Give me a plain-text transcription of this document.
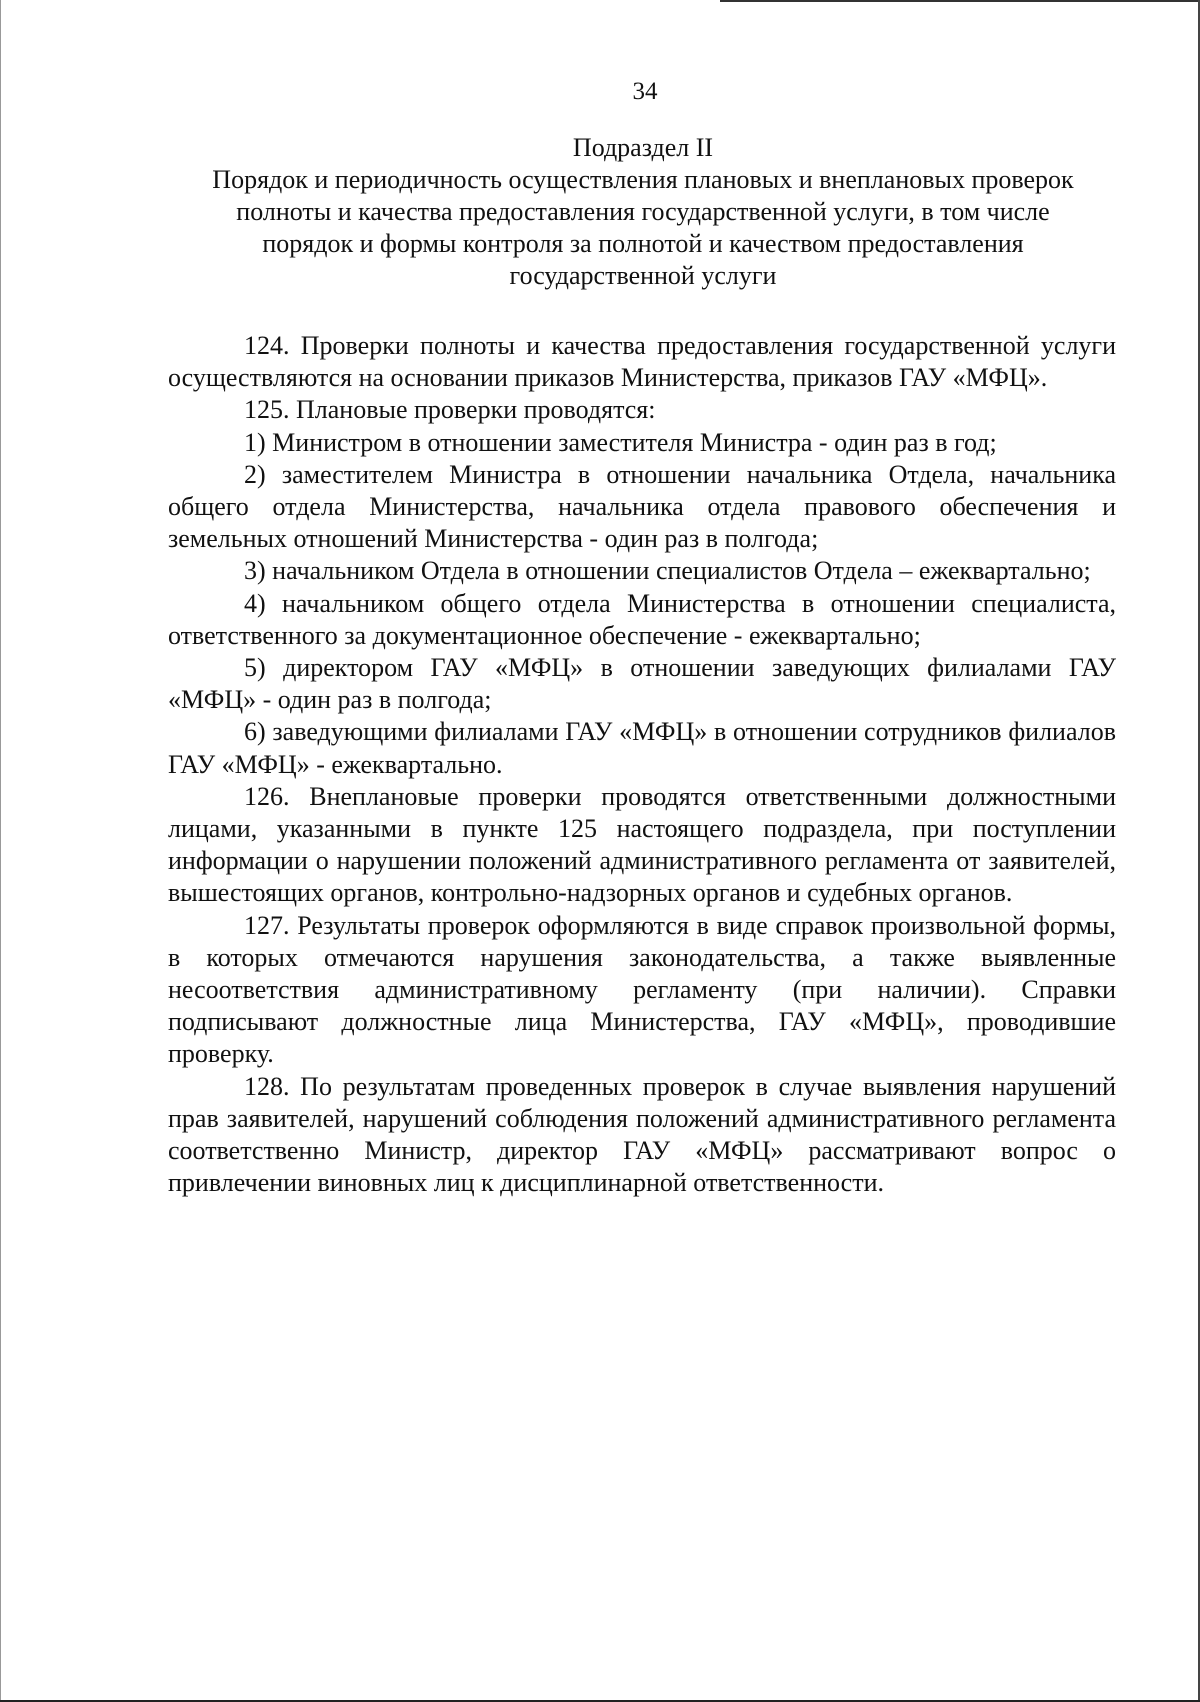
34
Подраздел II
Порядок и периодичность осуществления плановых и внеплановых проверок
полноты и качества предоставления государственной услуги, в том числе
порядок и формы контроля за полнотой и качеством предоставления
государственной услуги

124. Проверки полноты и качества предоставления государственной услуги осуществляются на основании приказов Министерства, приказов ГАУ «МФЦ».

125. Плановые проверки проводятся:

1) Министром в отношении заместителя Министра - один раз в год;

2) заместителем Министра в отношении начальника Отдела, начальника общего отдела Министерства, начальника отдела правового обеспечения и земельных отношений Министерства - один раз в полгода;

3) начальником Отдела в отношении специалистов Отдела – ежеквартально;

4) начальником общего отдела Министерства в отношении специалиста, ответственного за документационное обеспечение - ежеквартально;

5) директором ГАУ «МФЦ» в отношении заведующих филиалами ГАУ «МФЦ» - один раз в полгода;

6) заведующими филиалами ГАУ «МФЦ» в отношении сотрудников филиалов ГАУ «МФЦ» - ежеквартально.

126. Внеплановые проверки проводятся ответственными должностными лицами, указанными в пункте 125 настоящего подраздела, при поступлении информации о нарушении положений административного регламента от заявителей, вышестоящих органов, контрольно-надзорных органов и судебных органов.

127. Результаты проверок оформляются в виде справок произвольной формы, в которых отмечаются нарушения законодательства, а также выявленные несоответствия административному регламенту (при наличии). Справки подписывают должностные лица Министерства, ГАУ «МФЦ», проводившие проверку.

128. По результатам проведенных проверок в случае выявления нарушений прав заявителей, нарушений соблюдения положений административного регламента соответственно Министр, директор ГАУ «МФЦ» рассматривают вопрос о привлечении виновных лиц к дисциплинарной ответственности.
